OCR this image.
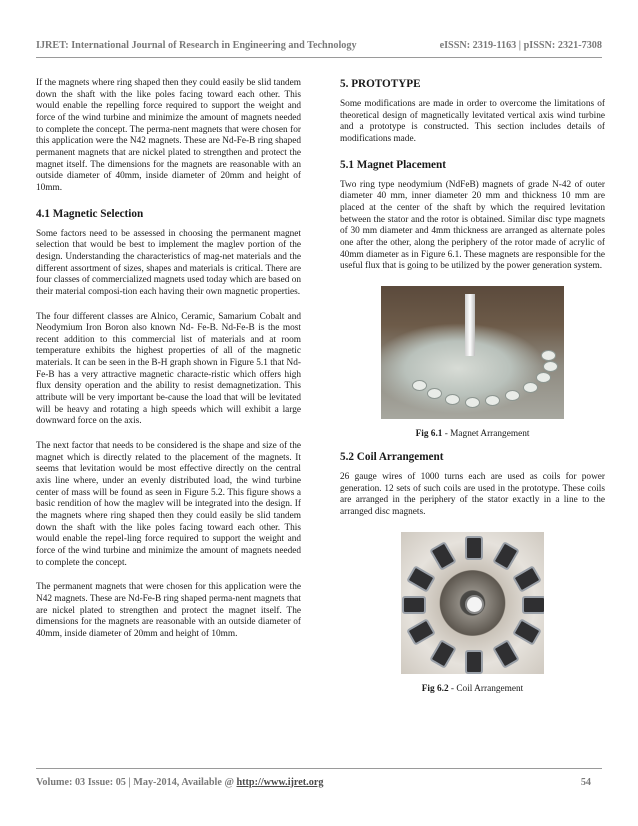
IJRET: International Journal of Research in Engineering and Technology	eISSN: 2319-1163 | pISSN: 2321-7308

If the magnets where ring shaped then they could easily be slid tandem down the shaft with the like poles facing toward each other. This would enable the repelling force required to support the weight and force of the wind turbine and minimize the amount of magnets needed to complete the concept. The perma-nent magnets that were chosen for this application were the N42 magnets. These are Nd-Fe-B ring shaped permanent magnets that are nickel plated to strengthen and protect the magnet itself. The dimensions for the magnets are reasonable with an outside diameter of 40mm, inside diameter of 20mm and height of 10mm.

4.1 Magnetic Selection

Some factors need to be assessed in choosing the permanent magnet selection that would be best to implement the maglev portion of the design. Understanding the characteristics of mag-net materials and the different assortment of sizes, shapes and materials is critical. There are four classes of commercialized magnets used today which are based on their material composi-tion each having their own magnetic properties.

The four different classes are Alnico, Ceramic, Samarium Cobalt and Neodymium Iron Boron also known Nd- Fe-B. Nd-Fe-B is the most recent addition to this commercial list of materials and at room temperature exhibits the highest properties of all of the magnetic materials. It can be seen in the B-H graph shown in Figure 5.1 that Nd-Fe-B has a very attractive magnetic characte-ristic which offers high flux density operation and the ability to resist demagnetization. This attribute will be very important be-cause the load that will be levitated will be heavy and rotating a high speeds which will exhibit a large downward force on the axis.

The next factor that needs to be considered is the shape and size of the magnet which is directly related to the placement of the magnets. It seems that levitation would be most effective directly on the central axis line where, under an evenly distributed load, the wind turbine center of mass will be found as seen in Figure 5.2. This figure shows a basic rendition of how the maglev will be integrated into the design. If the magnets where ring shaped then they could easily be slid tandem down the shaft with the like poles facing toward each other. This would enable the repel-ling force required to support the weight and force of the wind turbine and minimize the amount of magnets needed to complete the concept.

The permanent magnets that were chosen for this application were the N42 magnets. These are Nd-Fe-B ring shaped perma-nent magnets that are nickel plated to strengthen and protect the magnet itself. The dimensions for the magnets are reasonable with an outside diameter of 40mm, inside diameter of 20mm and height of 10mm.

5. PROTOTYPE

Some modifications are made in order to overcome the limitations of theoretical design of magnetically levitated vertical axis wind turbine and a prototype is constructed. This section includes details of modifications made.

5.1 Magnet Placement

Two ring type neodymium (NdFeB) magnets of grade N-42 of outer diameter 40 mm, inner diameter 20 mm and thickness 10 mm are placed at the center of the shaft by which the required levitation between the stator and the rotor is obtained. Similar disc type magnets of 30 mm diameter and 4mm thickness are arranged as alternate poles one after the other, along the periphery of the rotor made of acrylic of 40mm diameter as in Figure 6.1. These magnets are responsible for the useful flux that is going to be utilized by the power generation system.

Fig 6.1 - Magnet Arrangement
5.2 Coil Arrangement

26 gauge wires of 1000 turns each are used as coils for power generation. 12 sets of such coils are used in the prototype. These coils are arranged in the periphery of the stator exactly in a line to the arranged disc magnets.

Fig 6.2 - Coil Arrangement
Volume: 03 Issue: 05 | May-2014, Available @ http://www.ijret.org	54
